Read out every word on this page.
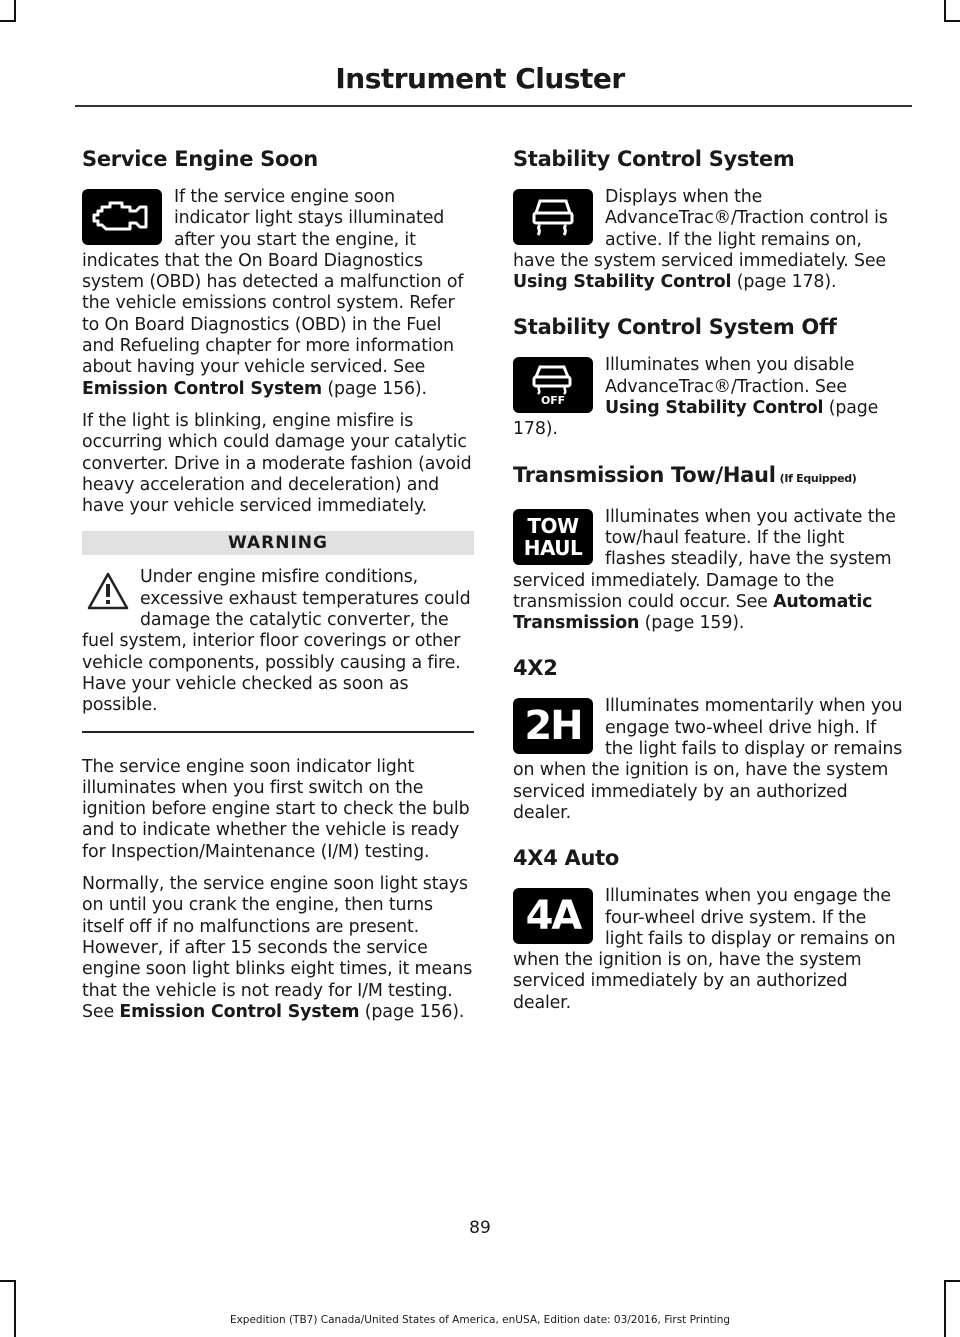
Instrument Cluster
Service Engine Soon

If the service engine soon indicator light stays illuminated after you start the engine, it indicates that the On Board Diagnostics system (OBD) has detected a malfunction of the vehicle emissions control system. Refer to On Board Diagnostics (OBD) in the Fuel and Refueling chapter for more information about having your vehicle serviced. See Emission Control System (page 156).

If the light is blinking, engine misfire is occurring which could damage your catalytic converter. Drive in a moderate fashion (avoid heavy acceleration and deceleration) and have your vehicle serviced immediately.

WARNING

Under engine misfire conditions, excessive exhaust temperatures could damage the catalytic converter, the fuel system, interior floor coverings or other vehicle components, possibly causing a fire. Have your vehicle checked as soon as possible.

The service engine soon indicator light illuminates when you first switch on the ignition before engine start to check the bulb and to indicate whether the vehicle is ready for Inspection/Maintenance (I/M) testing.

Normally, the service engine soon light stays on until you crank the engine, then turns itself off if no malfunctions are present. However, if after 15 seconds the service engine soon light blinks eight times, it means that the vehicle is not ready for I/M testing. See Emission Control System (page 156).

Stability Control System

Displays when the AdvanceTrac®/Traction control is active. If the light remains on, have the system serviced immediately. See Using Stability Control (page 178).

Stability Control System Off

OFF
Illuminates when you disable AdvanceTrac®/Traction. See Using Stability Control (page 178).

Transmission Tow/Haul (If Equipped)

TOW
HAUL
Illuminates when you activate the tow/haul feature. If the light flashes steadily, have the system serviced immediately. Damage to the transmission could occur. See Automatic Transmission (page 159).

4X2

2H	Illuminates momentarily when you engage two-wheel drive high. If the light fails to display or remains on when the ignition is on, have the system serviced immediately by an authorized dealer.

4X4 Auto

4A	Illuminates when you engage the four-wheel drive system. If the light fails to display or remains on when the ignition is on, have the system serviced immediately by an authorized dealer.

89
Expedition (TB7) Canada/United States of America, enUSA, Edition date: 03/2016, First Printing
